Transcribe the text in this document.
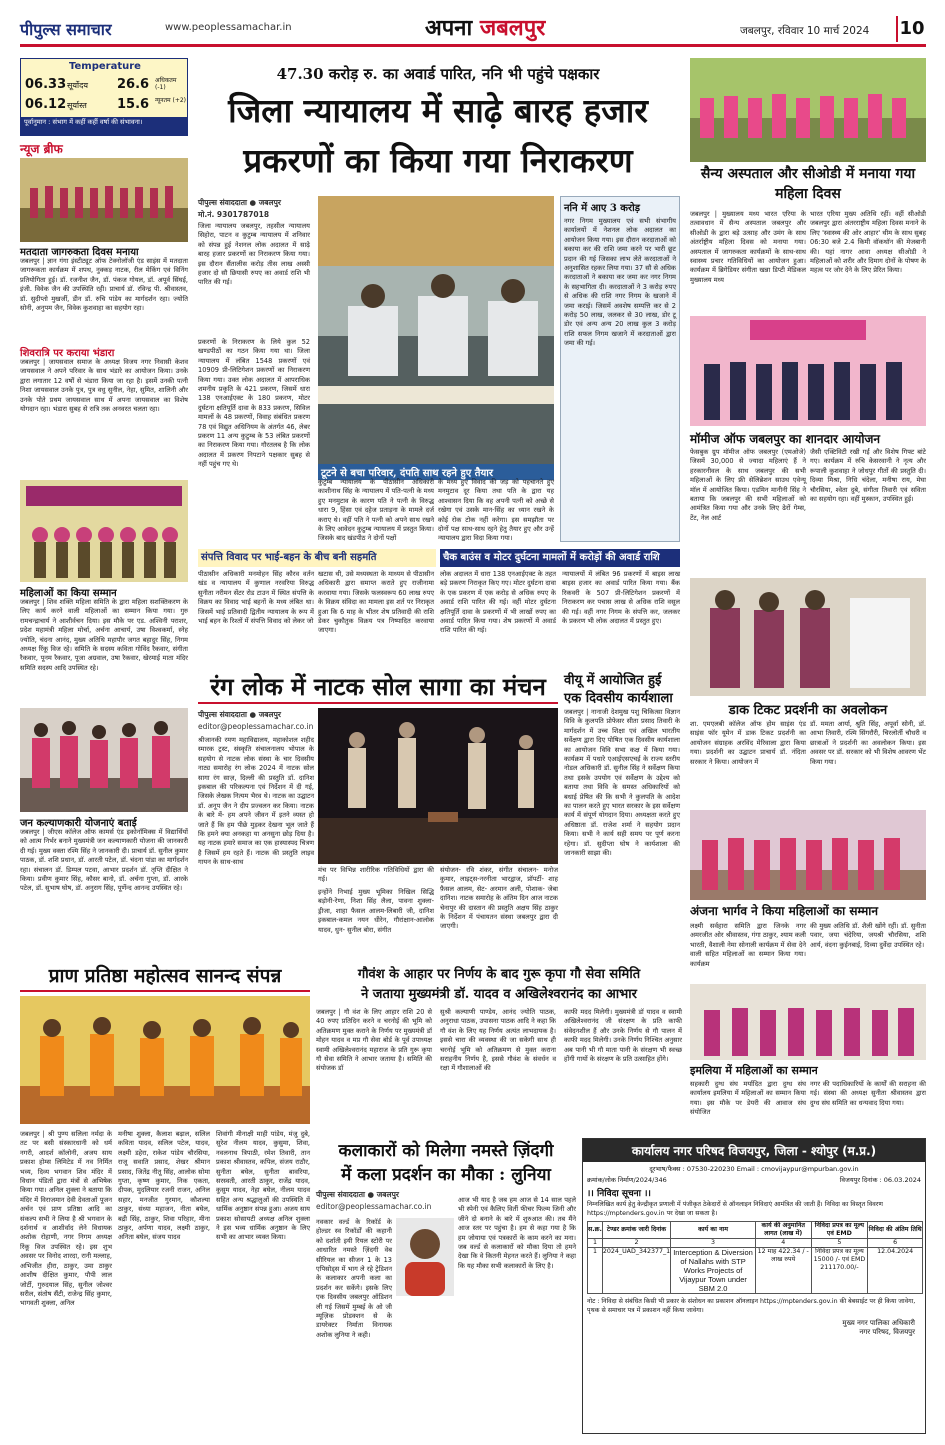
पीपुल्स समाचार	www.peoplessamachar.in	अपना जबलपुर	जबलपुर, रविवार 10 मार्च 2024 10
Temperature
06.33 सूर्योदय 26.6 अधिकतम (-1)
06.12 सूर्यास्त 15.6 न्यूनतम (+2)
पूर्वानुमान : संभाग में कहीं कहीं वर्षा की संभावना।
न्यूज ब्रीफ
मतदाता जागरुकता दिवस मनाया
जबलपुर | ज्ञान गंगा इंस्टीट्यूट ऑफ टेक्नोलॉजी एंड साइंस में मतदाता जागरूकता कार्यक्रम में शपथ, नुक्कड़ नाटक, रील मेकिंग एवं विनिंग प्रतियोगिता हुई। डॉ. रजनीश जैन, डॉ. पंकज गोयल, डॉ. अपूर्व सिंघई, इंजी. विवेक जैन की उपस्थिति रही। प्राचार्य डॉ. रविन्द्र पी. श्रीवास्तव, डॉ. सुदीप्तो मुखर्जी, डीन डॉ. रुचि पांडेय का मार्गदर्शन रहा। ज्योति सोनी, अनुपम जैन, विवेक कुशवाहा का सहयोग रहा।
शिवरात्रि पर कराया भंडारा
जबलपुर | जायसवाल समाज के अध्यक्ष विजय नगर निवासी केशव जायसवाल ने अपने परिवार के साथ भंडारे का आयोजन किया। उनके द्वारा लगातार 12 वर्षों से भंडारा किया जा रहा है। इसमें उनकी पत्नी निशा जायसवाल उनके पुत्र, पुत्र वधु सुनील, नेहा, सुमित, शालिनी और उनके पोते प्रथम जायसवाल साथ में अपना जायसवाल का विशेष योगदान रहा। भंडारा सुबह से रात्रि तक अनवरत चलता रहा।
महिलाओं का किया सम्मान
जबलपुर | शिव शक्ति महिला समिति के द्वारा महिला सशक्तिकरण के लिए कार्य करने वाली महिलाओं का सम्मान किया गया। गुरु रामचन्द्राचार्य ने आशीर्वचन दिया। इस मौके पर एड. अश्विनी पराशर, प्रदेश महामंत्री महिला मोर्चा, अर्चना आचार्य, उषा विश्वकर्मा, स्नेह ज्योति, चंदना आनंद, मुख्य अतिथि महापौर जगत बहादुर सिंह, निगम अध्यक्ष रिंकू विज रहे। समिति के सदस्य कविता गोविंद रैकवार, संगीता रैकवार, पूनम रैकवार, पूजा अग्रवाल, उषा रैकवार, खेरमाई माता मंदिर समिति सदस्य आदि उपस्थित रहे।
जन कल्याणकारी योजनाएं बताई
जबलपुर | जीएस कॉलेज ऑफ कामर्स एंड इकोनॉमिक्स में विद्यार्थियों को आत्म निर्भर बनाने मुख्यमंत्री जन कल्याणकारी योजना की जानकारी दी गई। मुख्य वक्ता रश्मि सिंह ने जानकारी दी। प्राचार्य डॉ. सुनील कुमार पाठक, डॉ. शशि प्रधान, डॉ. आरती पटेल, डॉ. चंदना पांडा का मार्गदर्शन रहा। संचालन डॉ. डिम्पल पटवा, आभार प्रदर्शन डॉ. तृप्ति दीक्षित ने किया। प्रवीण कुमार सिंह, कौसर बानो, डॉ. अर्चना गुप्ता, डॉ. आरके पटेल, डॉ. सुभाष घोष, डॉ. अनुराग सिंह, पूर्णेन्द आनन्द उपस्थित रहे।
47.30 करोड़ रु. का अवार्ड पारित, ननि भी पहुंचे पक्षकार
जिला न्यायालय में साढ़े बारह हजार
प्रकरणों का किया गया निराकरण
पीपुल्स संवाददाता ● जबलपुर
मो.नं. 9301787018
जिला न्यायालय जबलपुर, तहसील न्यायालय सिहोरा, पाटन व कुटुम्ब न्यायालय में शनिवार को संपन्न हुई नेशनल लोक अदालत में साढ़े बारह हजार प्रकरणों का निराकरण किया गया। इस दौरान सैंतालीस करोड़ तीस लाख अस्सी हजार दो सौ छियासी रुपए का अवार्ड राशि भी पारित की गई।
प्रकरणों के निराकरण के लिये कुल 52 खण्डपीठों का गठन किया गया था। जिला न्यायालय में लंबित 1548 प्रकरणों एवं 10909 प्री-लिटिगेशन प्रकरणों का निराकरण किया गया। उक्त लोक अदालत में आपराधिक शमनीय प्रकृति के 421 प्रकरण, जिसमें धारा 138 एनआईएक्ट के 180 प्रकरण, मोटर दुर्घटना क्षतिपूर्ति दावा के 833 प्रकरण, सिविल मामलों के 48 प्रकरणों, विवाह संबंधित प्रकरण 78 एवं विद्युत अधिनियम के अंतर्गत 46, लेबर प्रकरण 11 अन्य कुटुम्ब के 53 लंबित प्रकरणों का निराकरण किया गया। गौरतलब है कि लोक अदालत में प्रकरण निपटाने पक्षकार सुबह से नहीं पहुंच गए थे।
टूटने से बचा परिवार, दंपति साथ रहने हुए तैयार
कुटुम्ब न्यायालय के पीठासीन अधिकारी काशीनाथ सिंह के न्यायालय में पति-पत्नी के मध्य हुए मनमुटाव के कारण पति ने पत्नी के विरुद्ध धारा 9, हिंसा एवं दहेज प्रताड़ना के मामले दर्ज कराए थे। वहीं पति ने पत्नी को अपने साथ रखने के लिए आवेदन कुटुम्ब न्यायालय में प्रस्तुत किया। जिसके बाद खंडपीठ ने दोनों पक्षों
के मध्य हुए विवाद की जड़ को पहचानते हुए मनमुटाव दूर किया तथा पति के द्वारा यह आश्वासन दिया कि वह अपनी पत्नी को अच्छे से रखेगा एवं उसके मान-सिंह का ध्यान रखने के कोई रोक टोक नहीं करेगा। इस समझौता पर दोनों पक्ष साथ-साथ रहने हेतु तैयार हुए और उन्हें न्यायालय द्वारा विदा किया गया।
ननि में आए 3 करोड़
नगर निगम मुख्यालय एवं सभी संभागीय कार्यालयों में नेशनल लोक अदालत का आयोजन किया गया। इस दौरान करदाताओं को बकाया कर की राशि जमा करने पर भारी छूट प्रदान की गई जिसका लाभ लेते करदाताओं ने अनुशासित रहकर लिया गया। 37 सौ से अधिक करदाताओं ने बकाया कर जमा कर नगर निगम के सहभागिता दी। करदाताओं ने 3 करोड़ रुपए से अधिक की राशि नगर निगम के खजाने में जमा कराई। जिसमें अवशेष सम्पत्ति कर से 2 करोड़ 50 लाख, जलकर से 30 लाख, डोर टू डोर एवं अन्य अन्य 20 लाख कुल 3 करोड़ राशि सफल निगम खजाने में करदाताओं द्वारा जमा की गई।
संपत्ति विवाद पर भाई-बहन के बीच बनी सहमति
पीठासीन अधिकारी मनमोहन सिंह कौरव वर्तन खंड व न्यायालय में कुणाल नरवरिया विरुद्ध सुनीता नरीमन सेंटर रोड टाउन में स्थित संपत्ति के विक्रय का विवाद भाई बहनों के मध्य लंबित था। जिसमें भाई प्रतिवादी द्वितीय न्यायालय के रूप में भाई बहन के रिश्तों में संपत्ति विवाद को लेकर जो
खटास थी, उसे मध्यस्थता के माध्यम से पीठासीन अधिकारी द्वारा समाप्त कराते हुए राजीनामा करवाया गया। जिसके फलस्वरूप 60 लाख रुपए के विक्रय संविदा का मामला इस शर्त पर निराकृत हुआ कि 6 माह के भीतर शेष प्रतिवादी की राशि डेकर चुकौतुक विक्रय पत्र निष्पादित करवाया जाएगा।
चैक बाउंस व मोटर दुर्घटना मामलों में करोड़ों की अवार्ड राशि
लोक अदालत में धारा 138 एनआईएक्ट के तहत बड़े प्रकरण निराकृत किए गए। मोटर दुर्घटना दावा के एक प्रकरण में एक करोड़ से अधिक रुपए के अवार्ड राशि पारित की गई। वहीं मोटर दुर्घटना क्षतिपूर्ति दावा के प्रकरणों में भी लाखों रुपए का अवार्ड पारित किया गया। शेष प्रकरणों में अवार्ड राशि पारित की गई।
न्यायालयों में लंबित 96 प्रकरणों में बाइस लाख बाइस हजार का अवार्ड पारित किया गया। बैंक रिकवरी के 507 प्री-लिटिगेशन प्रकरणों में निराकरण कर पचास लाख से अधिक राशि वसूल की गई। वहीं नगर निगम के संपत्ति कर, जलकर के प्रकरण भी लोक अदालत में प्रस्तुत हुए।
रंग लोक में नाटक सोल सागा का मंचन
पीपुल्स संवाददाता ● जबलपुर
editor@peoplessamachar.co.in
श्रीजानकी रमण महाविद्यालय, महाकोशल शहीद स्मारक ट्रस्ट, संस्कृति संचालनालय भोपाल के सहयोग से नाटक लोक संस्था के चार दिवसीय नाट्य समारोह रंग लोक 2024 में नाटक सोल सागा रंग साज़, दिल्ली की प्रस्तुति डॉ. दानिश इकबाल की परिकल्पना एवं निर्देशन में दी गई, जिसके लेखक नित्यम भैरव थे। नाटक का उद्घाटन डॉ. अनूप जैन ने दीप प्रज्वलन कर किया। नाटक के बारे में- हम अपने जीवन में इतने व्यस्त हो जाते हैं कि हम पीछे मुड़कर देखना भूल जाते हैं कि हमने क्या अनकहा या अनसुना छोड़ दिया है। यह नाटक हमारे समाज का एक हास्यास्पद चित्रण है जिसमें हम रहते हैं। नाटक की प्रस्तुति लाइव गायन के साथ-साथ
मंच पर विभिन्न शारीरिक गतिविधियों द्वारा की गई।
इन्होंने निभाई मुख्य भूमिका निखिल सिद्धि बड़ोनी-रेणा, निशा सिंह लैला, पावना शुक्ला- ड्रीजा, शाहा फैसल आलम-लिबारी जी, दानिश इकबाल-कमल नयन धीरेन, गौरांक्षान-आलोक यादव, धुन- सुनील बोरा, संगीत
संयोजन- रवि शंकर, संगीत संचालन- मनोज कुमार, लाइट्स-नरनीता भारद्वाज, प्रॉपर्टी- शाह फ़ैसल आलम, सेट- अरमान अली, पोशाक- जेबा दानिश। नाटक समारोह के अंतिम दिन आज नाटक चेनापुर की दास्तान की प्रस्तुति अक्षय सिंह ठाकुर के निर्देशन में पंचायतन संस्था जबलपुर द्वारा दी जाएगी।
वीयू में आयोजित हुई
एक दिवसीय कार्यशाला
जबलपुर | नानाजी देशमुख पशु चिकित्सा विज्ञान विवि के कुलपति प्रोफेसर सीता प्रसाद तिवारी के मार्गदर्शन में उच्च शिक्षा एवं अखिल भारतीय सर्वेक्षण द्वारा दिए पोषित एक दिवसीय कार्यशाला का आयोजन विवि सभा कक्ष में किया गया। कार्यक्रम में पधारे एआईएसएचई के राज्य स्तरीय नोडल अधिकारी डॉ. सुनील सिंह ने सर्वेक्षण किया तथा इसके उपयोग एवं सर्वेक्षण के उद्देश्य को बताया तथा विवि के समस्त अधिकारियों को बधाई प्रेषित की कि सभी ने कुलपति के आदेश का पालन करते हुए भारत सरकार के इस सर्वेक्षण कार्य में संपूर्ण योगदान दिया। अध्यक्षता करते हुए अधिष्ठाता डॉ. राजेश शर्मा ने सहयोग प्रदान किया। सभी ने कार्य सही समय पर पूर्ण करना रहेगा। डॉ. सुदीप्ता घोष ने कार्यशाला की जानकारी साझा की।
प्राण प्रतिष्ठा महोत्सव सानन्द संपन्न
जबलपुर | श्री पुण्य सलिला नर्मदा के तट पर बसी संस्कारधानी को धर्म नगरी, आदर्श कॉलोनी, अजय साय प्रकाश होम्स लिमिटेड में नव निर्मित भव्य, दिव्य भगवान शिव मंदिर में विधान पंडितों द्वारा मंत्रों से अभिषेक किया गया। अनिल शुक्ला ने बताया कि मंदिर में विराजमान देवी देवताओं पूजन अर्चन एवं प्राण प्रतिष्ठा आदि का संकल्प सभी ने लिया है श्री भगवान के दर्शनार्थ व आशीर्वाद लेने विधायक अशोक रोहाणी, नगर निगम अध्यक्ष रिंकू विज उपस्थित रहे। इस शुभ अवसर पर विनोद शारदा, रानी मल्लाह, अभिजीत हीरा, ठाकुर, उमा ठाकुर आशीष दीक्षित कुमार, पौपी लाल जोर्टी, गुरुदयाल सिंह, सुनील जोश्वर सरील, संतोष सैंटी, राजेन्द्र सिंह कुमार, भागवती शुक्ला, अनिल
मनीषा शुक्ला, कैलाश बढ़ाल, सलिल कविता यादव, सलिल पटेल, यादव, लक्ष्मी डहेरा, राकेश पांडेय चौरसिया, राजू सवाति प्रसाद, शेखर श्रीमान प्रसाद, जितेंद्र नीतू सिंह, आलोक सोमा गुप्ता, कृष्ण कुमार, निक एकता, दीपक, मुदलियार रजनी राजन, अनिल सहार, मनजीत गुरमान, कौशल्या ठाकुर, संध्या महाजन, नीता बघेल, बद्री सिंह, ठाकुर, शिवा परिहार, मीना ठाकुर, अर्पणा यादव, लक्ष्मी ठाकुर, अनिता बघेल, संजय यादव
शिवांगी मीनाक्षी माही पांडेय, मंजु दुबे, सुरेश नीलम यादव, कुसुमा, शिवा, नवलनाथ त्रिपाठी, रमेश तिवारी, तान प्रकाश श्रीवास्तव, कपिल, संजय राठौर, सुनीता बघेल, सुनीता बावरिया, सरस्वती, आरती ठाकुर, राजेंद्र यादव, कुसुम यादव, नेहा बघेल, नीलम यादव सहित अन्य श्रद्धालुओं की उपस्थिति में धार्मिक अनुष्ठान संपन्न हुआ। अजय साय प्रकाश सोसायटी अध्यक्ष अनिल शुक्ला ने इस भव्य धार्मिक अनुष्ठान के लिए सभी का आभार व्यक्त किया।
गौवंश के आहार पर निर्णय के बाद गुरू कृपा गौ सेवा समिति
ने जताया मुख्यमंत्री डॉ. यादव व अखिलेश्वरानंद का आभार
जबलपुर | गौ वंश के लिए आहार राशि 20 से 40 रुपए प्रतिदिन करने व चरनोई की भूमि को अतिक्रमण मुक्त कराने के निर्णय पर मुख्यमंत्री डॉ मोहन यादव व मप्र गौ सेवा बोर्ड के पूर्व उपाध्यक्ष स्वामी अखिलेश्वरानंद महाराज के प्रति गुरू कृपा गौ सेवा समिति ने आभार जताया है। समिति की संयोजक डॉ
सुश्री कल्याणी पाण्डेय, आनंद ज्योति पाठक, अनुराधा पाठक, उपासना पाठक आदि ने कहा कि गौ वंश के लिए यह निर्णय अत्यंत लाभदायक है। इससे चारा की व्यवस्था की जा सकेगी साथ ही चरनोई भूमि को अतिक्रमण से मुक्त कराना सराहनीय निर्णय है, इससे गौवंश के संवर्धन व रक्षा में गौशालाओं की
काफी मदद मिलेगी। मुख्यमंत्री डॉ यादव व स्वामी अखिलेश्वरानंद जी संरक्षण के प्रति काफी संवेदनशील हैं और उनके निर्णय से गौ पालन में काफी मदद मिलेगी। उनके निर्णय निश्चित अनुसार अब पानी भी गौ माता पानी के संरक्षण भी स्वच्छ होंगी गायों के संरक्षण के प्रति उत्साहित होंगे।
कलाकारों को मिलेगा नमस्ते ज़िंदगी
में कला प्रदर्शन का मौका : लुनिया
पीपुल्स संवाददाता ● जबलपुर
editor@peoplessamachar.co.in
नवकार वर्ल्ड के रिकॉर्ड के होल्डर स्व रिकॉर्डों की कहानी को दर्शाती इयी रियल स्टोरी पर आधारित नमस्ते ज़िंदगी वेब सीरियल का सीजन 1 के 13 एपिसोड्स में भाग ले रहे ट्रेडिशन के कलाकार अपनी कला का प्रदर्शन कर सकेंगे। इसके लिए एक दिवसीय जबलपुर ऑडिशन ली गई जिसमें मुम्बई के ओ जी म्यूज़िक प्रोडक्शन से के डायरेक्टर निर्माता विनायक अशोक लुनिया ने कही।
आज भी याद है जब हम आज से 14 साल पहले भी स्पेनी एवं कैलिए वितीं फीचर फिल्म जिनी और जीने दो बनाने के बारे में शुरुआत की। तब मैंने आज स्तर पर पहुंचा है। हम से कहा गया है कि हम जोयाया एवं पत्रकारों के काम करने का मना। जब वर्ल्ड से कलाकारों को मौका दिया तो हमने देखा कि वे कितनी मेहनत करते हैं। लुनिया ने कहा कि यह मौका सभी कलाकारों के लिए है।
सैन्य अस्पताल और सीओडी में मनाया गया महिला दिवस
जबलपुर | मुख्यालय मध्य भारत एरिया के तत्वावधान में सैन्य अस्पताल जबलपुर और सीओडी के द्वारा बड़े उत्साह और उमंग के साथ अंतर्राष्ट्रीय महिला दिवस को मनाया गया। अस्पताल में जागरुकता कार्यक्रमों के साथ-साथ स्वास्थ्य प्रचार गतिविधियों का आयोजन हुआ। कार्यक्रम में ब्रिगेडियर संगीता खन्ना डिप्टी मेडिकल मुख्यालय मध्य
भारत एरिया मुख्य अतिथि रहीं। वहीं सीओडी जबलपुर द्वारा अंतरराष्ट्रीय महिला दिवस मनाने के लिए 'स्वास्थ्य की ओर आहार' थीम के साथ सुबह 06:30 बजे 2.4 किमी वॉकथॉन की मेजबानी की। यहां नागर आवा अध्यक्ष सीओडी ने महिलाओं को शरीर और दिमाग दोनों के पोषण के महत्व पर जोर देने के लिए प्रेरित किया।
मॉमीज ऑफ जबलपुर का शानदार आयोजन
फेसबुक ग्रुप मॉमीज ऑफ जबलपुर (एमओजे) जिसमें 30,000 से ज्यादा महिलाएं हैं ने हरकारनीवल के साथ जबलपुर की सभी महिलाओं के लिए फ्री सेलिब्रेशन साउथ एवेन्यू मॉल में आयोजित किया। एडमिन मानीनी सिंह ने बताया कि जबलपुर की सभी महिलाओं को आमंत्रित किया गया और उनके लिए ढेरों गेम्स, टेंट, नेल आर्ट
जैसी एक्टिविटी रखी गईं और विशेष गिफ्ट बांटे गए। कार्यक्रम में रुचि केसरवानी ने नृत्य और रूपाली कुशवाहा ने जोधपुर गीतों की प्रस्तुति दी। दिव्या मिश्रा, निधि चंदेला, मनीषा राय, मेघा चौरसिया, श्वेता दुबे, संगीता तिवारी एवं सविता का सहयोग रहा। वहीं मुस्कान, उपस्थित हुई।
डाक टिकट प्रदर्शनी का अवलोकन
शा. एमएलबी कॉलेज ऑफ होम साइंस एंड साइंस फॉर यूमेन में डाक टिकट प्रदर्शनी का आयोजन संग्राहक अरविंद मेरिवाला द्वारा किया गया। प्रदर्शनी का उद्घाटन प्राचार्य डॉ. नंदिता सरकार ने किया। आयोजन में
डॉ. ममता आर्या, श्रुति सिंह, अपूर्वा सोनी, डॉ. आभा तिवारी, रश्मि सिंगरौरी, चिरलोर्ती चौधरी व छात्राओं ने प्रदर्शनी का अवलोकन किया। इस अवसर पर डॉ. सरकार को भी विशेष आवरण भेंट किया गया।
अंजना भार्गव ने किया महिलाओं का सम्मान
लक्ष्मी सर्वहारा समिति द्वारा जिनके नगर अमरजीत ओर श्रीवास्तव, गंगा ठाकुर, श्याम कली भारती, वैशाली नेमा सोनाली कार्यक्रम में सेवा देने वाली सहित महिलाओं का सम्मान किया गया। कार्यक्रम
की मुख्य अतिथि डॉ. शैली खोंगे रहीं। डॉ. सुनीता पवार, जया चंदेरिया, जयश्री चौरसिया, शशि आर्य, वंदना कुईनबाई, दिव्या दुर्वेदा उपस्थित रहे।
इमलिया में महिलाओं का सम्मान
सहकारी दुग्ध संघ मर्यादित द्वारा दुग्ध संघ कार्यालय इमलिया में महिलाओं का सम्मान किया गया। इस मौके पर डेयरी की आवाज संघ संयोजित
नगर की पदाधिकारियों के कार्यों की सराहना की गई। संस्था की अध्यक्ष सुनीता श्रीवास्तव द्वारा दुग्ध संघ समिति का धन्यवाद दिया गया।
कार्यालय नगर परिषद विजयपुर, जिला - श्योपुर (म.प्र.)
दूरभाष/फैक्स : 07530-220230 Email : cmovijaypur@mpurban.gov.in
क्रमांक/लोक निर्माण/2024/346	विजयपुर दिनांक : 06.03.2024
।। निविदा सूचना ।।
निम्नलिखित कार्य हेतु केन्द्रीकृत प्रणाली में पंजीकृत ठेकेदारों से ऑनलाइन निविदाएं आमंत्रित की जाती हैं। निविदा का विस्तृत विवरण https://mptenders.gov.in पर देखा जा सकता है।
स.क्र.	टेण्डर क्रमांक जारी दिनांक	कार्य का नाम	कार्य की अनुमानित लागत (लाख में)	निविदा प्रपत्र का मूल्य एवं EMD	निविदा की अंतिम तिथि
1	2	3	4	5	6
1	2024_UAD_342377_1	Interception & Diversion of Nallahs with STP Works Projects of Vijaypur Town under SBM 2.0	12 माह 422.34 / - लाख रुपये	निविदा प्रपत्र का मूल्य 15000 /- एवं EMD 211170.00/-	12.04.2024
नोट : निविदा से संबंधित किसी भी प्रकार के संशोधन का प्रकाशन ऑनलाइन https://mptenders.gov.in की बेबसाईट पर ही किया जावेगा, पृथक से समाचार पत्र में प्रकाशन नहीं किया जावेगा।
मुख्य नगर पालिका अधिकारी
नगर परिषद, विजयपुर
